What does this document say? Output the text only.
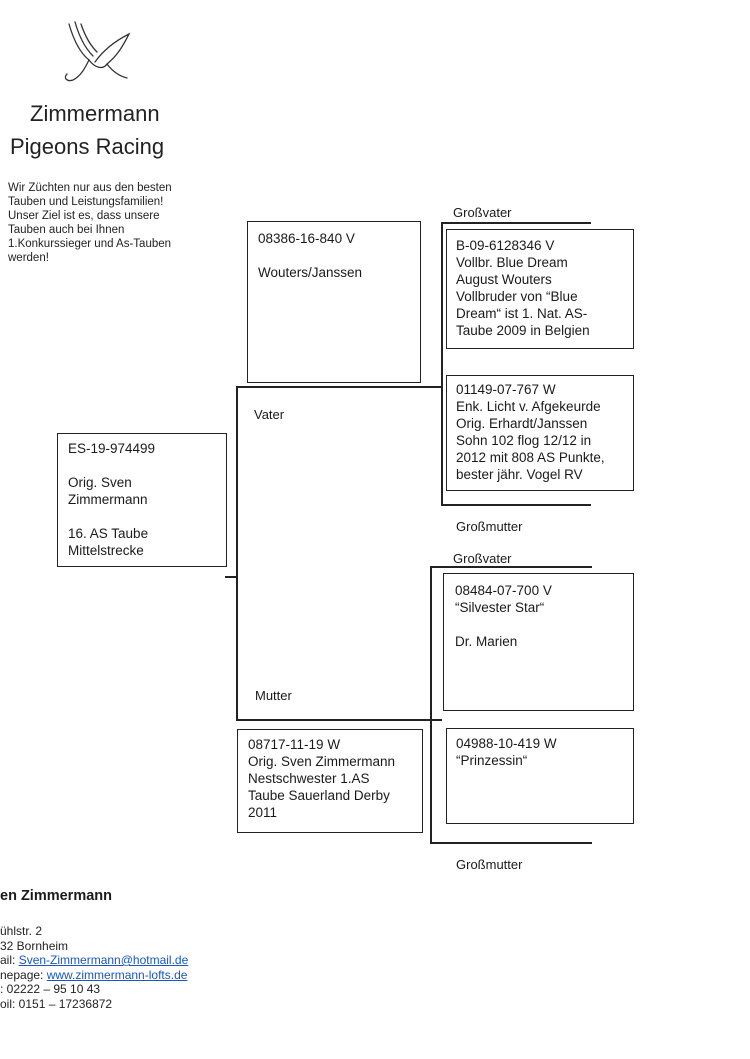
Zimmermann
Pigeons Racing
Wir Züchten nur aus den besten
Tauben und Leistungsfamilien!
Unser Ziel ist es, dass unsere
Tauben auch bei Ihnen
1.Konkurssieger und As-Tauben
werden!
Vater
Mutter
Großvater
Großmutter
Großvater
Großmutter
ES-19-974499

Orig. Sven
Zimmermann

16. AS Taube
Mittelstrecke
08386-16-840 V

Wouters/Janssen
08717-11-19 W
Orig. Sven Zimmermann
Nestschwester 1.AS
Taube Sauerland Derby
2011
B-09-6128346 V
Vollbr. Blue Dream
August Wouters
Vollbruder von “Blue
Dream“ ist 1. Nat. AS-
Taube 2009 in Belgien
01149-07-767 W
Enk. Licht v. Afgekeurde
Orig. Erhardt/Janssen
Sohn 102 flog 12/12 in
2012 mit 808 AS Punkte,
bester jähr. Vogel RV
08484-07-700 V
“Silvester Star“

Dr. Marien
04988-10-419 W
“Prinzessin“
en Zimmermann
ühlstr. 2
32 Bornheim
ail: Sven-Zimmermann@hotmail.de
nepage: www.zimmermann-lofts.de
: 02222 – 95 10 43
oil: 0151 – 17236872
